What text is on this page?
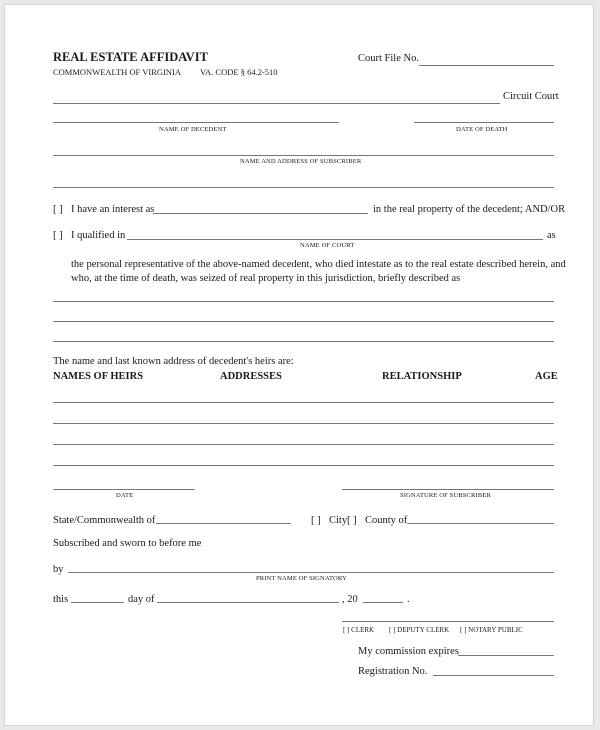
REAL ESTATE AFFIDAVIT
COMMONWEALTH OF VIRGINIA VA. CODE § 64.2-510
Court File No.
Circuit Court
NAME OF DECEDENT	DATE OF DEATH
NAME AND ADDRESS OF SUBSCRIBER
[ ] I have an interest as	in the real property of the decedent; AND/OR
[ ] I qualified in	as
NAME OF COURT
the personal representative of the above-named decedent, who died intestate as to the real estate described herein, and
who, at the time of death, was seized of real property in this jurisdiction, briefly described as
The name and last known address of decedent's heirs are:
NAMES OF HEIRS	ADDRESSES	RELATIONSHIP	AGE
DATE	SIGNATURE OF SUBSCRIBER
State/Commonwealth of	[ ] City [ ] County of
Subscribed and sworn to before me
by
PRINT NAME OF SIGNATORY
this	day of	, 20	.
[ ] CLERK [ ] DEPUTY CLERK [ ] NOTARY PUBLIC
My commission expires
Registration No.
